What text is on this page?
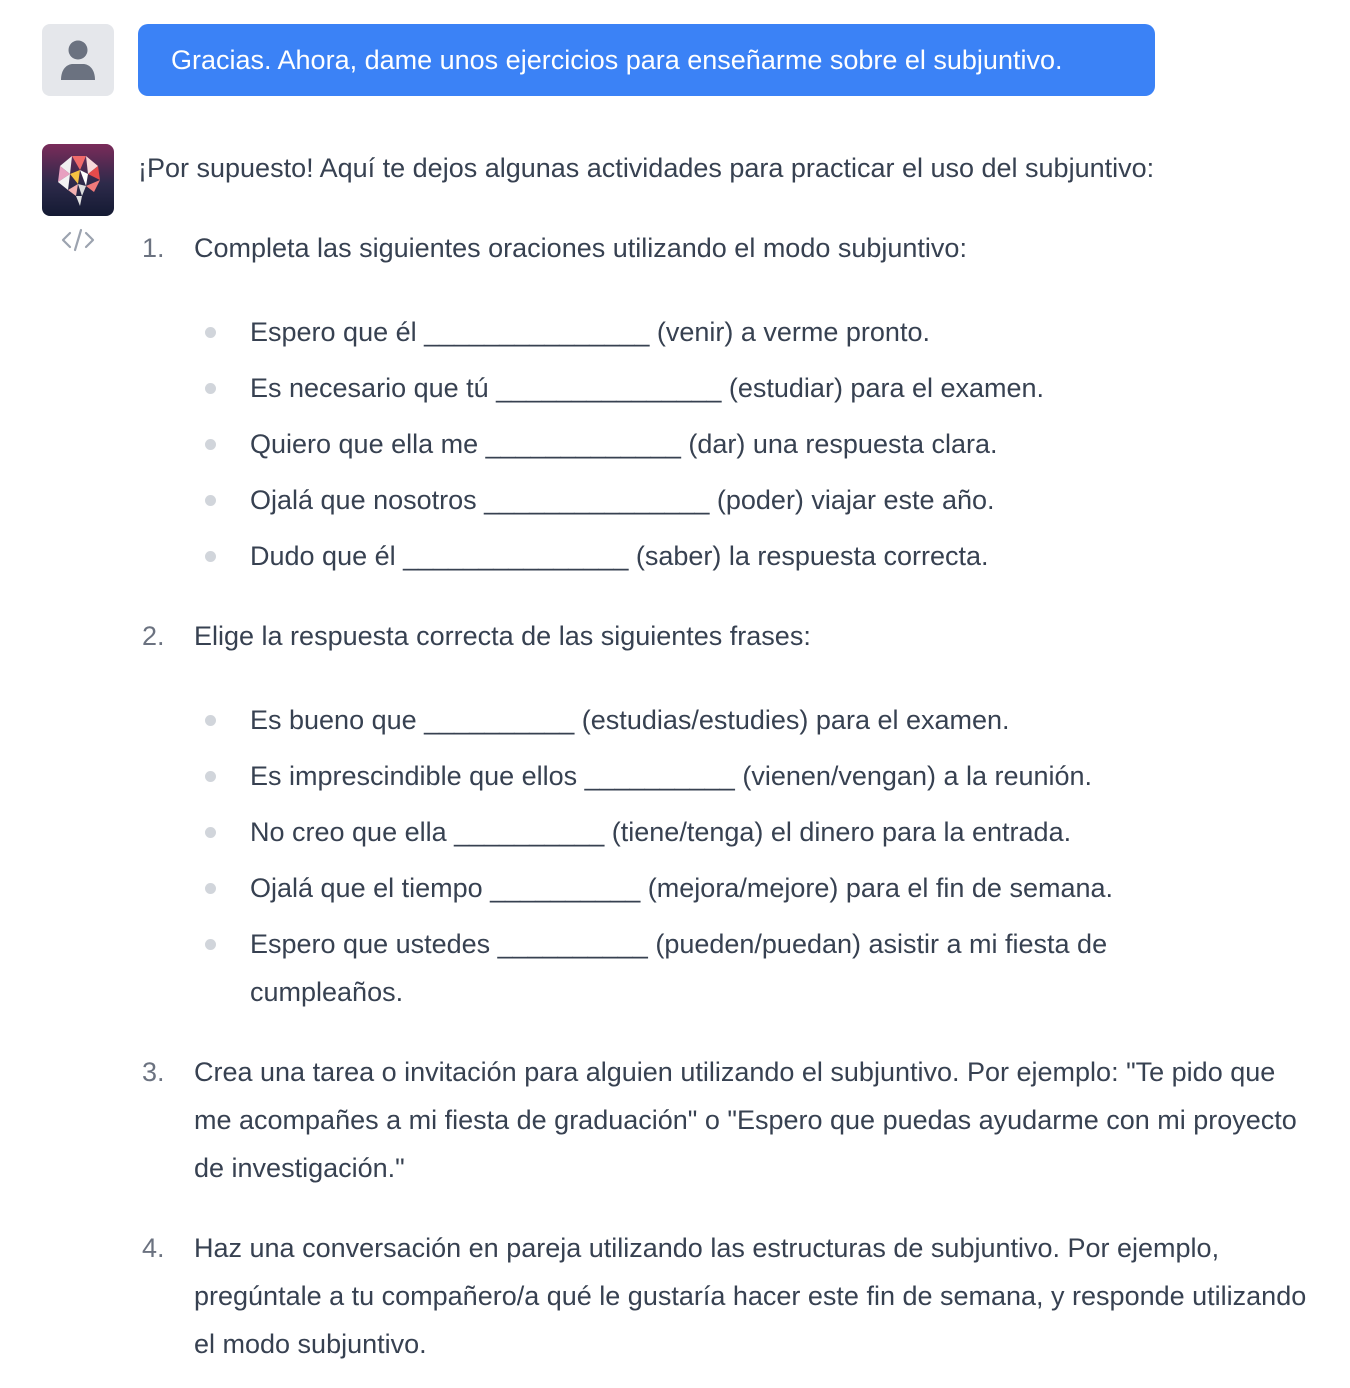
Gracias. Ahora, dame unos ejercicios para enseñarme sobre el subjuntivo.

¡Por supuesto! Aquí te dejos algunas actividades para practicar el uso del subjuntivo:

1. Completa las siguientes oraciones utilizando el modo subjuntivo:
Espero que él _______________ (venir) a verme pronto.
Es necesario que tú _______________ (estudiar) para el examen.
Quiero que ella me _____________ (dar) una respuesta clara.
Ojalá que nosotros _______________ (poder) viajar este año.
Dudo que él _______________ (saber) la respuesta correcta.
2. Elige la respuesta correcta de las siguientes frases:
Es bueno que __________ (estudias/estudies) para el examen.
Es imprescindible que ellos __________ (vienen/vengan) a la reunión.
No creo que ella __________ (tiene/tenga) el dinero para la entrada.
Ojalá que el tiempo __________ (mejora/mejore) para el fin de semana.
Espero que ustedes __________ (pueden/puedan) asistir a mi fiesta de cumpleaños.
3. Crea una tarea o invitación para alguien utilizando el subjuntivo. Por ejemplo: "Te pido que me acompañes a mi fiesta de graduación" o "Espero que puedas ayudarme con mi proyecto de investigación."
4. Haz una conversación en pareja utilizando las estructuras de subjuntivo. Por ejemplo, pregúntale a tu compañero/a qué le gustaría hacer este fin de semana, y responde utilizando el modo subjuntivo.
